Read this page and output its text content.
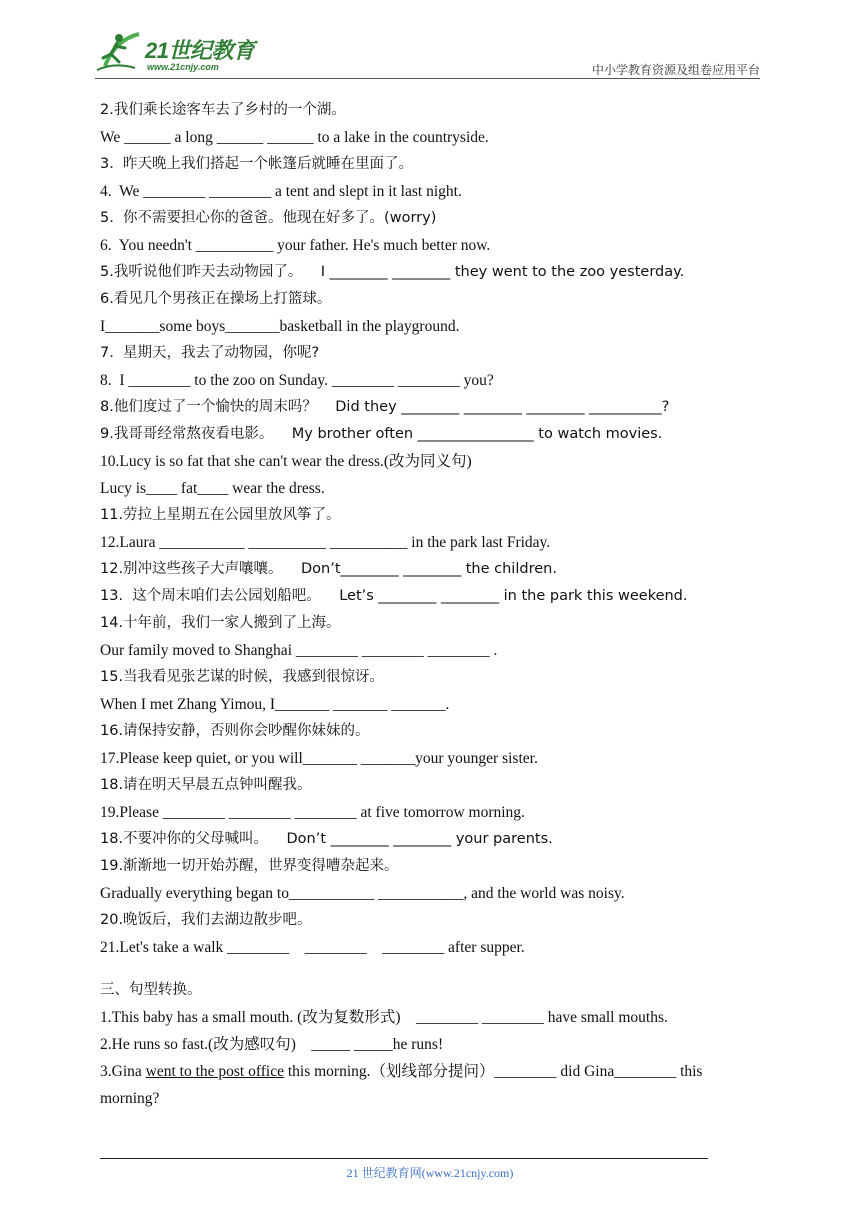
21世纪教育
www.21cnjy.com	中小学教育资源及组卷应用平台
2.我们乘长途客车去了乡村的一个湖。
We ______ a long ______ ______ to a lake in the countryside.
3.  昨天晚上我们搭起一个帐篷后就睡在里面了。
4.  We ________ ________ a tent and slept in it last night.
5.  你不需要担心你的爸爸。他现在好多了。(worry)
6.  You needn't __________ your father. He's much better now.
5.我听说他们昨天去动物园了。    I ________ ________ they went to the zoo yesterday.
6.看见几个男孩正在操场上打篮球。
I_______some boys_______basketball in the playground.
7.  星期天，我去了动物园，你呢?
8.  I ________ to the zoo on Sunday. ________ ________ you?
8.他们度过了一个愉快的周末吗？    Did they ________ ________ ________ __________?
9.我哥哥经常熬夜看电影。    My brother often ________________ to watch movies.
10.Lucy is so fat that she can't wear the dress.(改为同义句)
Lucy is____ fat____ wear the dress.
11.劳拉上星期五在公园里放风筝了。
12.Laura ___________ __________ __________ in the park last Friday.
12.别冲这些孩子大声嚷嚷。    Don’t________ ________ the children.
13.  这个周末咱们去公园划船吧。    Let’s ________ ________ in the park this weekend.
14.十年前，我们一家人搬到了上海。
Our family moved to Shanghai ________ ________ ________ .
15.当我看见张艺谋的时候，我感到很惊讶。
When I met Zhang Yimou, I_______ _______ _______.
16.请保持安静，否则你会吵醒你妹妹的。
17.Please keep quiet, or you will_______ _______your younger sister.
18.请在明天早晨五点钟叫醒我。
19.Please ________ ________ ________ at five tomorrow morning.
18.不要冲你的父母喊叫。    Don’t ________ ________ your parents.
19.渐渐地一切开始苏醒，世界变得嘈杂起来。
Gradually everything began to___________ ___________, and the world was noisy.
20.晚饭后，我们去湖边散步吧。
21.Let's take a walk ________    ________    ________ after supper.
三、句型转换。
1.This baby has a small mouth. (改为复数形式)    ________ ________ have small mouths.
2.He runs so fast.(改为感叹句)    _____ _____he runs!
3.Gina went to the post office this morning.（划线部分提问）________ did Gina________ this
morning?
21 世纪教育网(www.21cnjy.com)
